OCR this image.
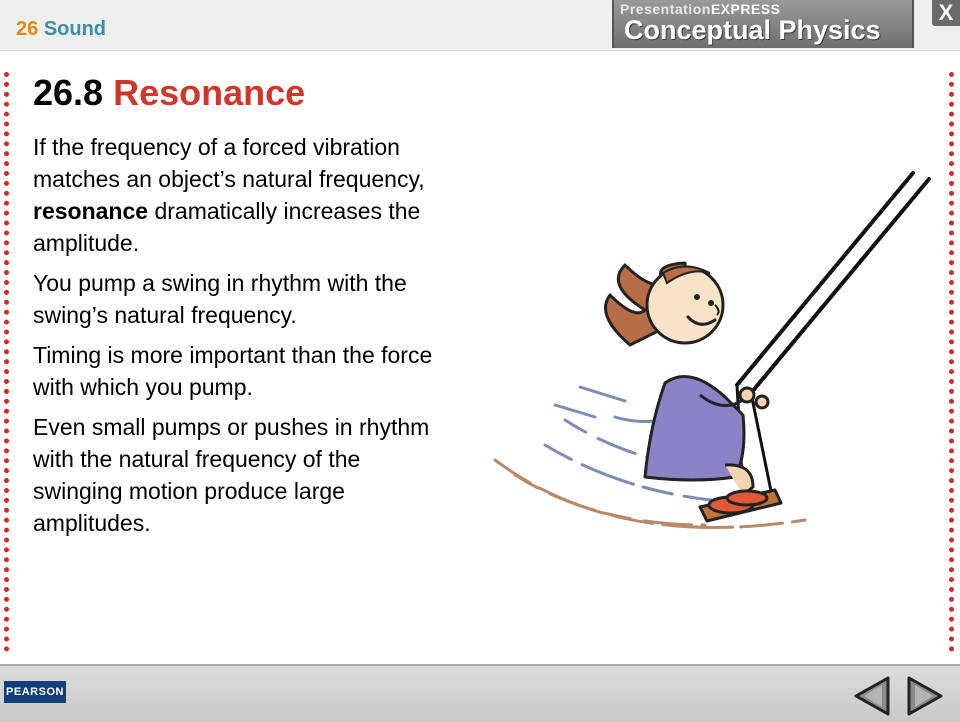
26 Sound
PresentationEXPRESS
Conceptual Physics
X
26.8 Resonance

If the frequency of a forced vibration matches an object’s natural frequency, resonance dramatically increases the amplitude.

You pump a swing in rhythm with the swing’s natural frequency.

Timing is more important than the force with which you pump.

Even small pumps or pushes in rhythm with the natural frequency of the swinging motion produce large amplitudes.

PEARSON
